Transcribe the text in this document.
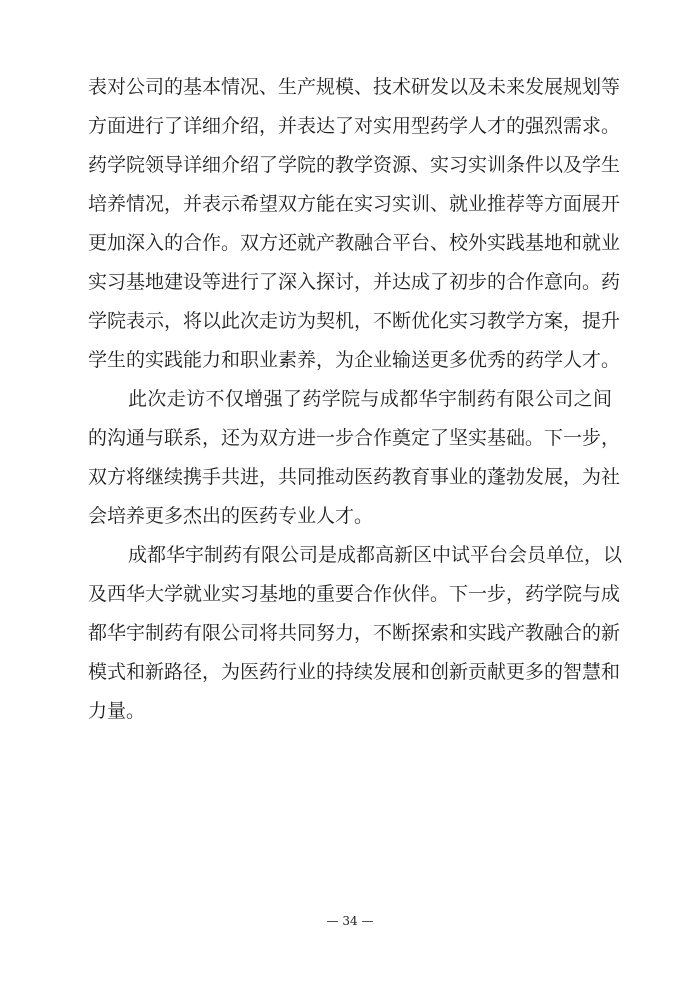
表对公司的基本情况、生产规模、技术研发以及未来发展规划等
方面进行了详细介绍，并表达了对实用型药学人才的强烈需求。
药学院领导详细介绍了学院的教学资源、实习实训条件以及学生
培养情况，并表示希望双方能在实习实训、就业推荐等方面展开
更加深入的合作。双方还就产教融合平台、校外实践基地和就业
实习基地建设等进行了深入探讨，并达成了初步的合作意向。药
学院表示，将以此次走访为契机，不断优化实习教学方案，提升
学生的实践能力和职业素养，为企业输送更多优秀的药学人才。
此次走访不仅增强了药学院与成都华宇制药有限公司之间
的沟通与联系，还为双方进一步合作奠定了坚实基础。下一步，
双方将继续携手共进，共同推动医药教育事业的蓬勃发展，为社
会培养更多杰出的医药专业人才。
成都华宇制药有限公司是成都高新区中试平台会员单位，以
及西华大学就业实习基地的重要合作伙伴。下一步，药学院与成
都华宇制药有限公司将共同努力，不断探索和实践产教融合的新
模式和新路径，为医药行业的持续发展和创新贡献更多的智慧和
力量。
— 34 —
